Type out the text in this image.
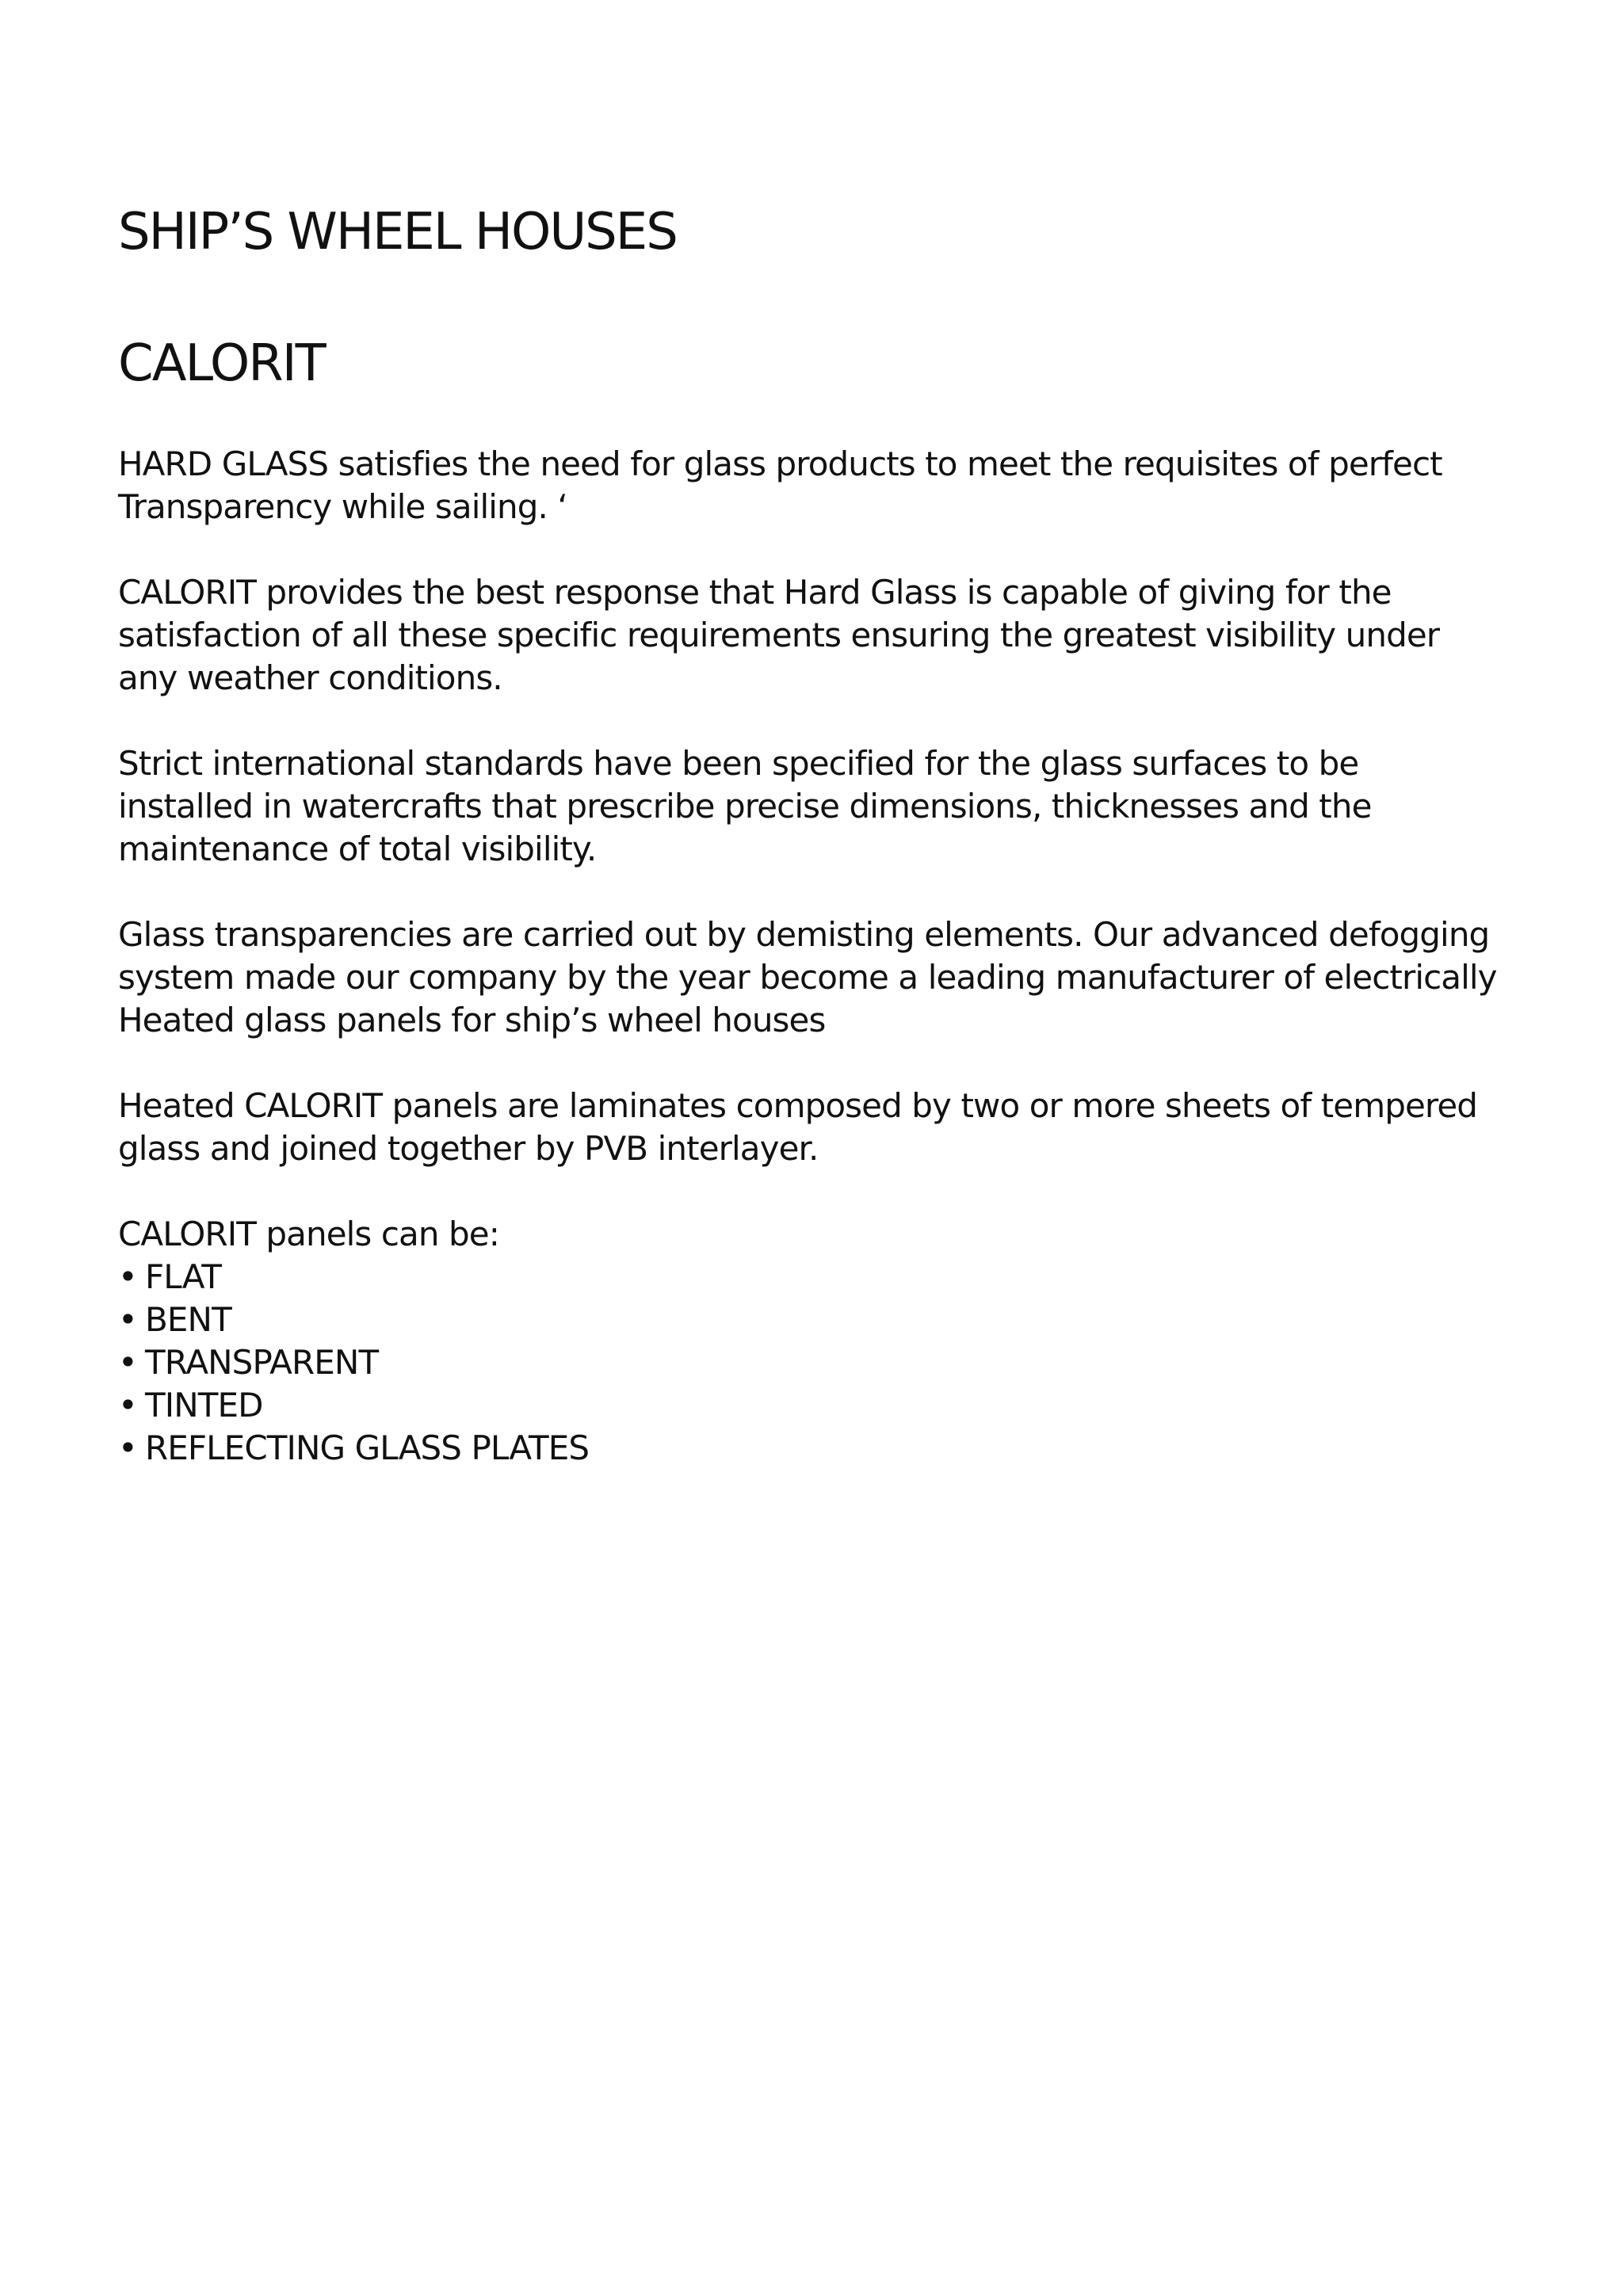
SHIP’S WHEEL HOUSES
CALORIT

HARD GLASS satisfies the need for glass products to meet the requisites of perfect
Transparency while sailing. ‘

CALORIT provides the best response that Hard Glass is capable of giving for the
satisfaction of all these specific requirements ensuring the greatest visibility under
any weather conditions.

Strict international standards have been specified for the glass surfaces to be
installed in watercrafts that prescribe precise dimensions, thicknesses and the
maintenance of total visibility.

Glass transparencies are carried out by demisting elements. Our advanced defogging
system made our company by the year become a leading manufacturer of electrically
Heated glass panels for ship’s wheel houses

Heated CALORIT panels are laminates composed by two or more sheets of tempered
glass and joined together by PVB interlayer.

CALORIT panels can be:

• FLAT
• BENT
• TRANSPARENT
• TINTED
• REFLECTING GLASS PLATES
